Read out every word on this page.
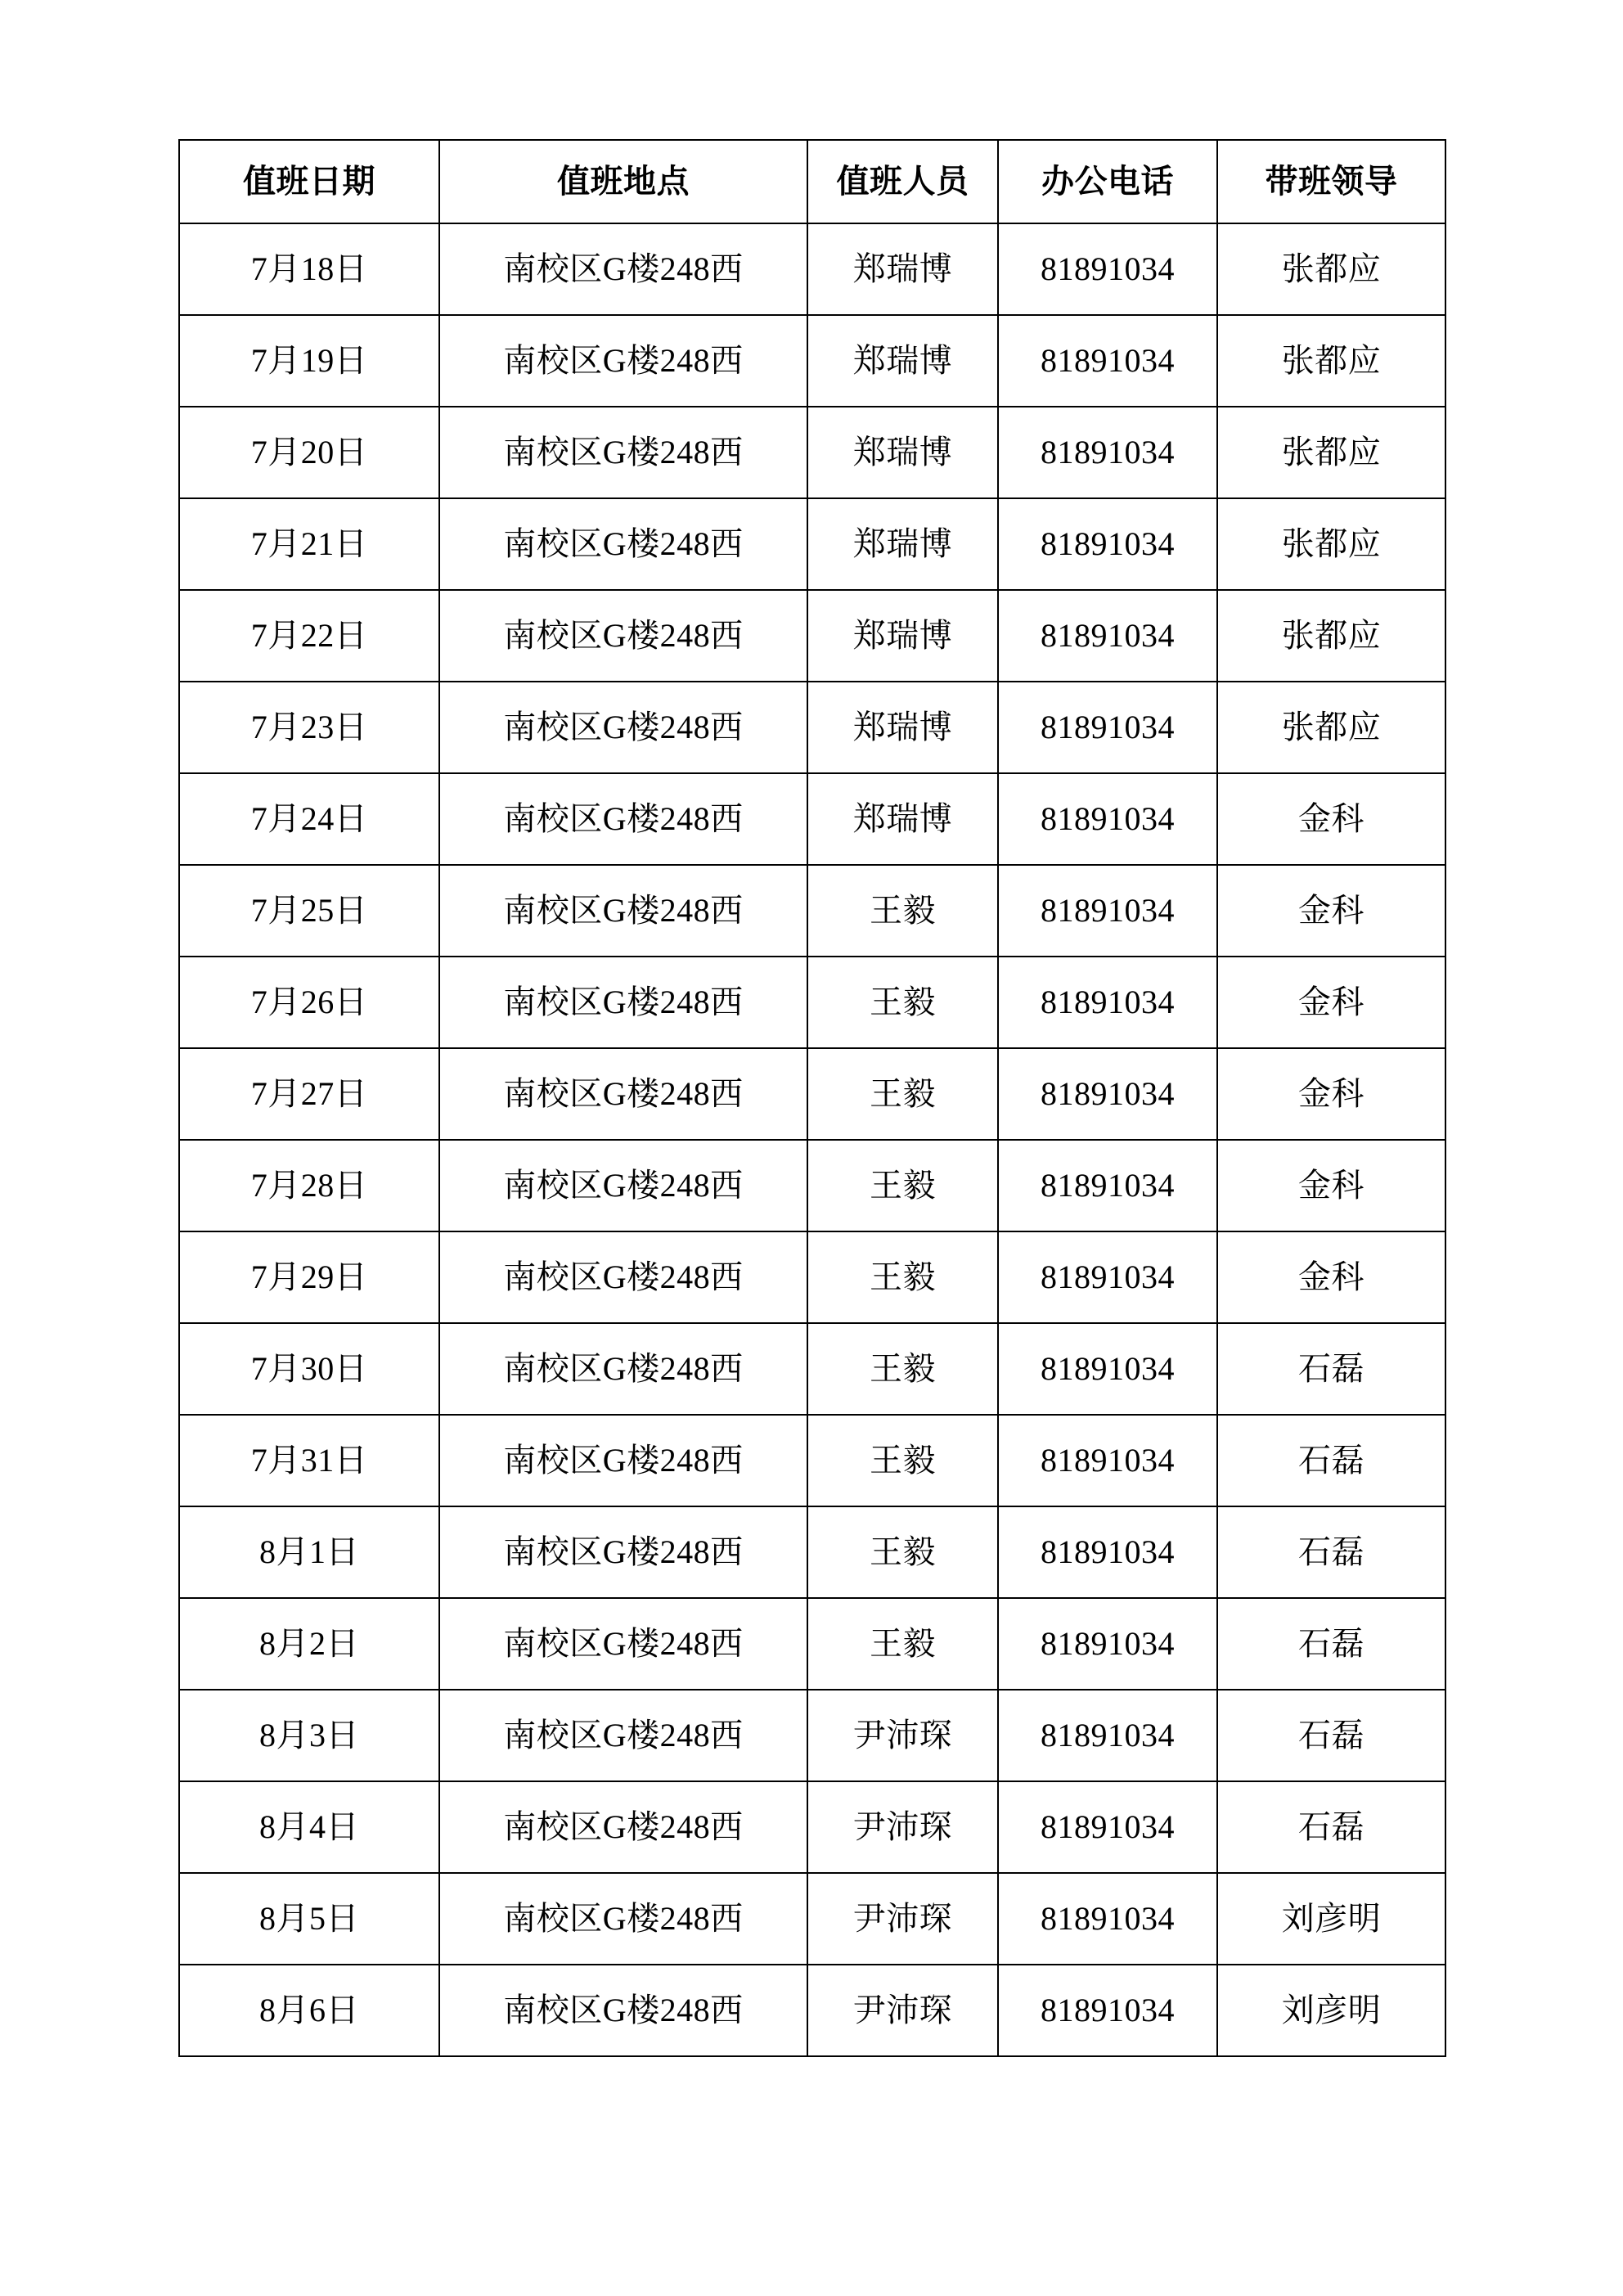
值班日期	值班地点	值班人员	办公电话	带班领导

7月18日	南校区G楼248西	郑瑞博	81891034	张都应

7月19日	南校区G楼248西	郑瑞博	81891034	张都应

7月20日	南校区G楼248西	郑瑞博	81891034	张都应

7月21日	南校区G楼248西	郑瑞博	81891034	张都应

7月22日	南校区G楼248西	郑瑞博	81891034	张都应

7月23日	南校区G楼248西	郑瑞博	81891034	张都应

7月24日	南校区G楼248西	郑瑞博	81891034	金科

7月25日	南校区G楼248西	王毅	81891034	金科

7月26日	南校区G楼248西	王毅	81891034	金科

7月27日	南校区G楼248西	王毅	81891034	金科

7月28日	南校区G楼248西	王毅	81891034	金科

7月29日	南校区G楼248西	王毅	81891034	金科

7月30日	南校区G楼248西	王毅	81891034	石磊

7月31日	南校区G楼248西	王毅	81891034	石磊

8月1日	南校区G楼248西	王毅	81891034	石磊

8月2日	南校区G楼248西	王毅	81891034	石磊

8月3日	南校区G楼248西	尹沛琛	81891034	石磊

8月4日	南校区G楼248西	尹沛琛	81891034	石磊

8月5日	南校区G楼248西	尹沛琛	81891034	刘彦明

8月6日	南校区G楼248西	尹沛琛	81891034	刘彦明
